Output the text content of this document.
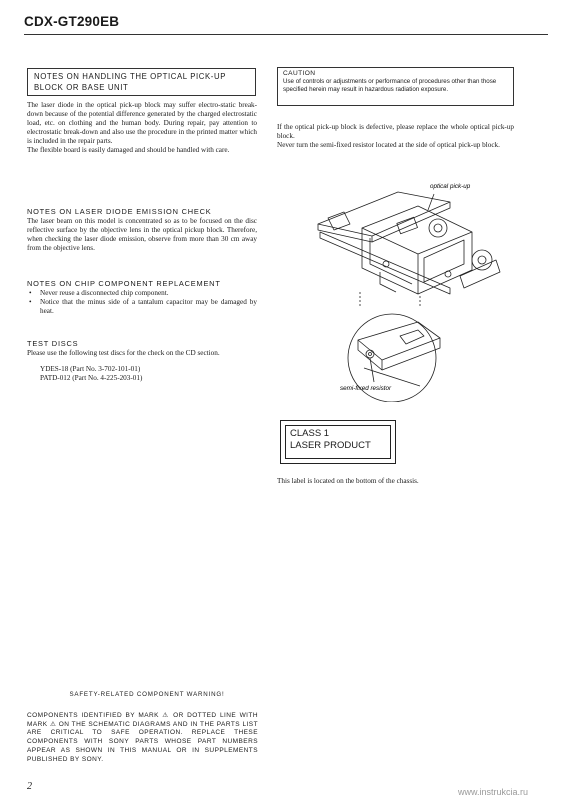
CDX-GT290EB
NOTES ON HANDLING THE OPTICAL PICK-UP
BLOCK OR BASE UNIT
The laser diode in the optical pick-up block may suffer electro-static break-down because of the potential difference generated by the charged electrostatic load, etc. on clothing and the human body. During repair, pay attention to electrostatic break-down and also use the procedure in the printed matter which is included in the repair parts.
The flexible board is easily damaged and should be handled with care.
NOTES ON LASER DIODE EMISSION CHECK
The laser beam on this model is concentrated so as to be focused on the disc reflective surface by the objective lens in the optical pickup block. Therefore, when checking the laser diode emission, observe from more than 30 cm away from the objective lens.
NOTES ON CHIP COMPONENT REPLACEMENT
• Never reuse a disconnected chip component.
• Notice that the minus side of a tantalum capacitor may be damaged by heat.
TEST DISCS
Please use the following test discs for the check on the CD section.
YDES-18 (Part No. 3-702-101-01)
PATD-012 (Part No. 4-225-203-01)
CAUTION
Use of controls or adjustments or performance of procedures other than those specified herein may result in hazardous radiation exposure.
If the optical pick-up block is defective, please replace the whole optical pick-up block.
Never turn the semi-fixed resistor located at the side of optical pick-up block.
optical pick-up
semi-fixed resistor
CLASS 1
LASER PRODUCT
This label is located on the bottom of the chassis.
SAFETY-RELATED COMPONENT WARNING!
COMPONENTS IDENTIFIED BY MARK ⚠ OR DOTTED LINE WITH MARK ⚠ ON THE SCHEMATIC DIAGRAMS AND IN THE PARTS LIST ARE CRITICAL TO SAFE OPERATION. REPLACE THESE COMPONENTS WITH SONY PARTS WHOSE PART NUMBERS APPEAR AS SHOWN IN THIS MANUAL OR IN SUPPLEMENTS PUBLISHED BY SONY.
2	www.instrukcia.ru
